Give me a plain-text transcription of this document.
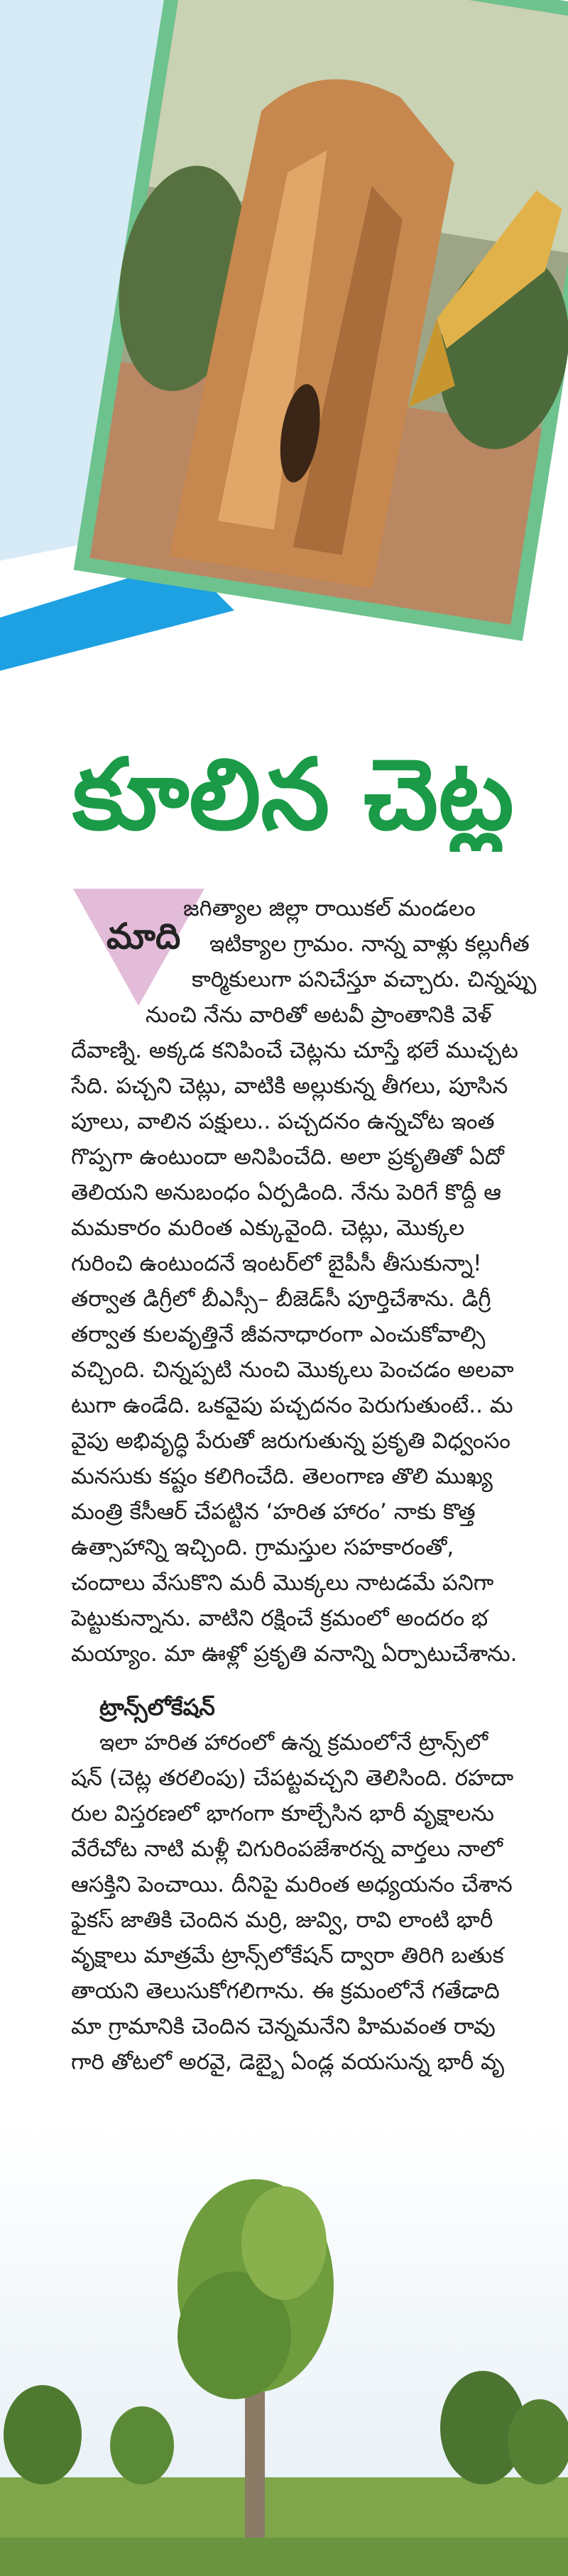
కూలిన చెట్ల
మాది
జగిత్యాల జిల్లా రాయికల్ మండలం
ఇటిక్యాల గ్రామం. నాన్న వాళ్లు కల్లుగీత
కార్మికులుగా పనిచేస్తూ వచ్చారు. చిన్నప్పు
నుంచి నేను వారితో అటవీ ప్రాంతానికి వెళ్
దేవాణ్ని. అక్కడ కనిపించే చెట్లను చూస్తే భలే ముచ్చట
సేది. పచ్చని చెట్లు, వాటికి అల్లుకున్న తీగలు, పూసిన
పూలు, వాలిన పక్షులు.. పచ్చదనం ఉన్నచోట ఇంత
గొప్పగా ఉంటుందా అనిపించేది. అలా ప్రకృతితో ఏదో
తెలియని అనుబంధం ఏర్పడింది. నేను పెరిగే కొద్దీ ఆ
మమకారం మరింత ఎక్కువైంది. చెట్లు, మొక్కల
గురించి ఉంటుందనే ఇంటర్‌లో బైపీసీ తీసుకున్నా!
తర్వాత డిగ్రీలో బీఎస్సీ– బీజెడ్‌సీ పూర్తిచేశాను. డిగ్రీ
తర్వాత కులవృత్తినే జీవనాధారంగా ఎంచుకోవాల్సి
వచ్చింది. చిన్నప్పటి నుంచి మొక్కలు పెంచడం అలవా
టుగా ఉండేది. ఒకవైపు పచ్చదనం పెరుగుతుంటే.. మ
వైపు అభివృద్ధి పేరుతో జరుగుతున్న ప్రకృతి విధ్వంసం
మనసుకు కష్టం కలిగించేది. తెలంగాణ తొలి ముఖ్య
మంత్రి కేసీఆర్‌ చేపట్టిన ‘హరిత హారం’ నాకు కొత్త
ఉత్సాహాన్ని ఇచ్చింది. గ్రామస్తుల సహకారంతో,
చందాలు వేసుకొని మరీ మొక్కలు నాటడమే పనిగా
పెట్టుకున్నాను. వాటిని రక్షించే క్రమంలో అందరం భ
మయ్యాం. మా ఊళ్లో ప్రకృతి వనాన్ని ఏర్పాటుచేశాను.

ట్రాన్స్‌లోకేషన్

ఇలా హరిత హారంలో ఉన్న క్రమంలోనే ట్రాన్స్‌లో
షన్ (చెట్ల తరలింపు) చేపట్టవచ్చని తెలిసింది. రహదా
రుల విస్తరణలో భాగంగా కూల్చేసిన భారీ వృక్షాలను
వేరేచోట నాటి మళ్లీ చిగురింపజేశారన్న వార్తలు నాలో
ఆసక్తిని పెంచాయి. దీనిపై మరింత అధ్యయనం చేశాన
ఫైకస్ జాతికి చెందిన మర్రి, జువ్వి, రావి లాంటి భారీ
వృక్షాలు మాత్రమే ట్రాన్స్‌లోకేషన్ ద్వారా తిరిగి బతుక
తాయని తెలుసుకోగలిగాను. ఈ క్రమంలోనే గతేడాది
మా గ్రామానికి చెందిన చెన్నమనేని హిమవంత రావు
గారి తోటలో అరవై, డెబ్బై ఏండ్ల వయసున్న భారీ వృ
